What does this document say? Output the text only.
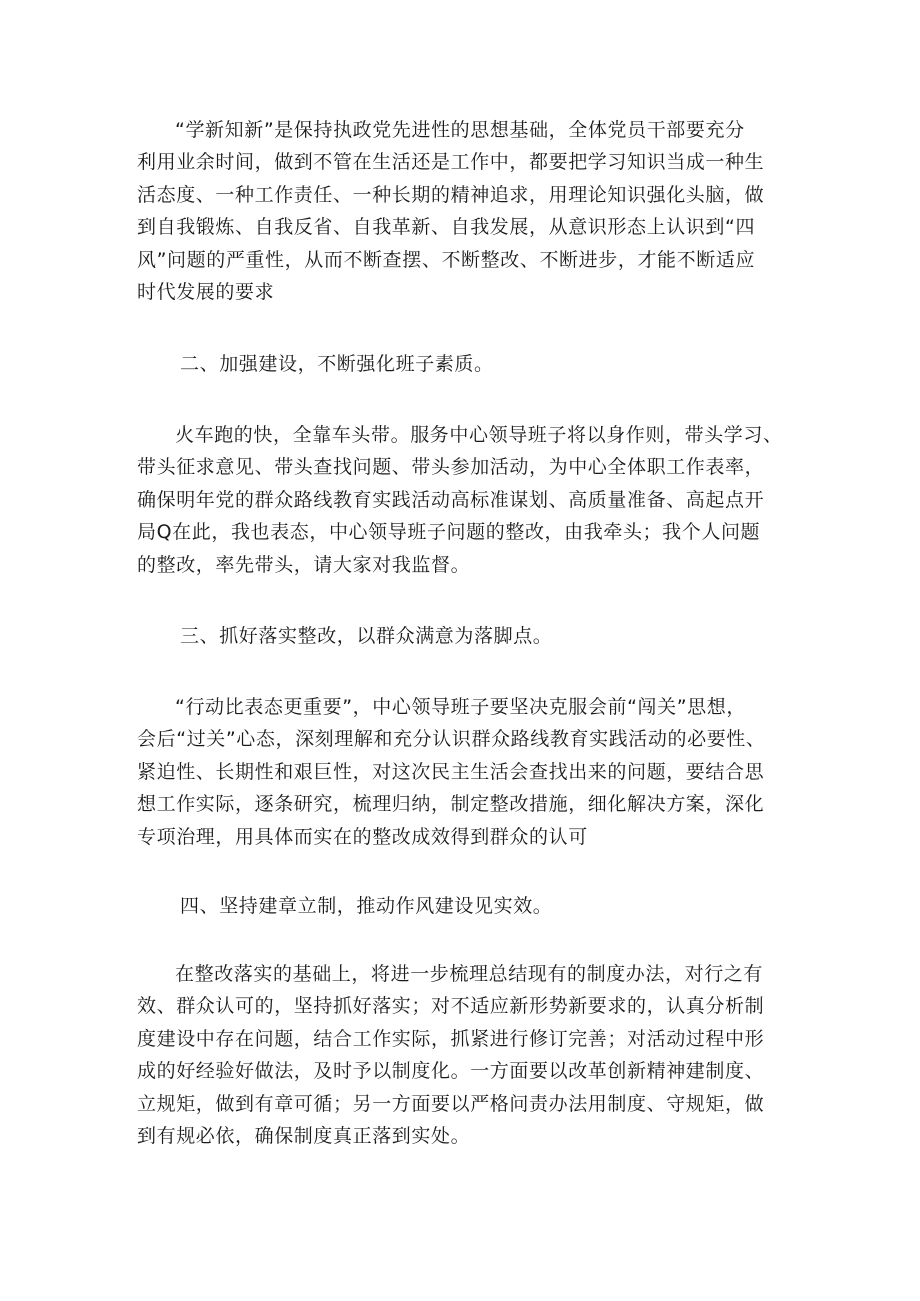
“学新知新”是保持执政党先进性的思想基础，全体党员干部要充分
利用业余时间，做到不管在生活还是工作中，都要把学习知识当成一种生
活态度、一种工作责任、一种长期的精神追求，用理论知识强化头脑，做
到自我锻炼、自我反省、自我革新、自我发展，从意识形态上认识到“四
风”问题的严重性，从而不断查摆、不断整改、不断进步，才能不断适应
时代发展的要求
二、加强建设，不断强化班子素质。
火车跑的快，全靠车头带。服务中心领导班子将以身作则，带头学习、
带头征求意见、带头查找问题、带头参加活动，为中心全体职工作表率，
确保明年党的群众路线教育实践活动高标准谋划、高质量准备、高起点开
局Q在此，我也表态，中心领导班子问题的整改，由我牵头；我个人问题
的整改，率先带头，请大家对我监督。
三、抓好落实整改，以群众满意为落脚点。
“行动比表态更重要”，中心领导班子要坚决克服会前“闯关”思想，
会后“过关”心态，深刻理解和充分认识群众路线教育实践活动的必要性、
紧迫性、长期性和艰巨性，对这次民主生活会查找出来的问题，要结合思
想工作实际，逐条研究，梳理归纳，制定整改措施，细化解决方案，深化
专项治理，用具体而实在的整改成效得到群众的认可
四、坚持建章立制，推动作风建设见实效。
在整改落实的基础上，将进一步梳理总结现有的制度办法，对行之有
效、群众认可的，坚持抓好落实；对不适应新形势新要求的，认真分析制
度建设中存在问题，结合工作实际，抓紧进行修订完善；对活动过程中形
成的好经验好做法，及时予以制度化。一方面要以改革创新精神建制度、
立规矩，做到有章可循；另一方面要以严格问责办法用制度、守规矩，做
到有规必依，确保制度真正落到实处。
